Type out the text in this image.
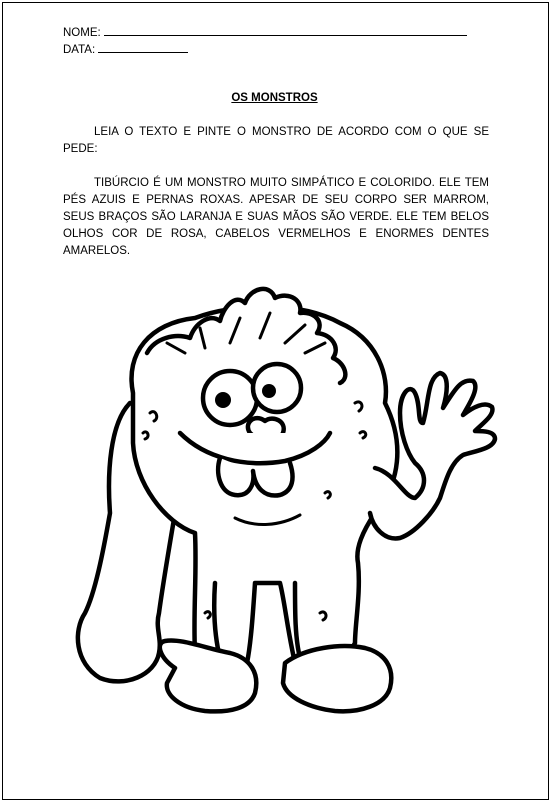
NOME:
DATA:
OS MONSTROS
LEIA O TEXTO E PINTE O MONSTRO DE ACORDO COM O QUE SE PEDE:
TIBÚRCIO É UM MONSTRO MUITO SIMPÁTICO E COLORIDO. ELE TEM PÉS AZUIS E PERNAS ROXAS. APESAR DE SEU CORPO SER MARROM, SEUS BRAÇOS SÃO LARANJA E SUAS MÃOS SÃO VERDE. ELE TEM BELOS OLHOS COR DE ROSA, CABELOS VERMELHOS E ENORMES DENTES AMARELOS.
